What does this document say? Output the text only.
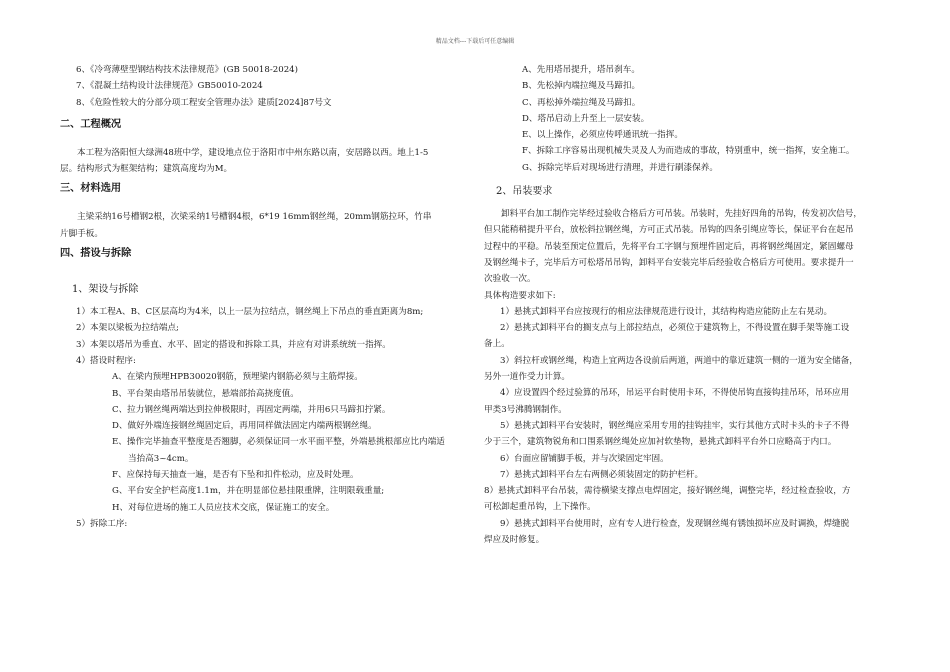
精品文档---下载后可任意编辑

6、《冷弯薄壁型钢结构技术法律规范》(GB 50018-2024)

7、《混凝土结构设计法律规范》GB50010-2024

8、《危险性较大的分部分项工程安全管理办法》建质[2024]87号文

二、工程概况

本工程为洛阳恒大绿洲48班中学，建设地点位于洛阳市中州东路以南，安居路以西。地上1-5

层。结构形式为框架结构；建筑高度均为M。

三、材料选用

主梁采纳16号槽钢2根，次梁采纳1号槽钢4根，6*19 16mm钢丝绳，20mm钢筋拉环，竹串

片脚手板。

四、搭设与拆除

1、架设与拆除

1）本工程A、B、C区层高均为4米，以上一层为拉结点，钢丝绳上下吊点的垂直距离为8m;

2）本架以梁板为拉结端点;

3）本架以塔吊为垂直、水平、固定的搭设和拆除工具，并应有对讲系统统一指挥。

4）搭设时程序:

A、在梁内预埋HPB30020钢筋，预埋梁内钢筋必须与主筋焊接。

B、平台架由塔吊吊装就位，悬端部抬高挠度值。

C、拉力钢丝绳两端达到拉伸极限时，再固定两端，并用6只马蹄扣拧紧。

D、做好外端连接钢丝绳固定后，再用同样做法固定内端两根钢丝绳。

E、操作完毕抽查平整度是否翘脚，必须保证同一水平面平整，外端悬挑根部应比内端适

当抬高3~4cm。

F、应保持每天抽查一遍，是否有下坠和扣件松动，应及时处理。

G、平台安全护栏高度1.1m，并在明显部位悬挂限重牌，注明限载重量;

H、对每位进场的施工人员应技术交底，保证施工的安全。

5）拆除工序:

A、先用塔吊提升，塔吊刹车。

B、先松掉内端拉绳及马蹄扣。

C、再松掉外端拉绳及马蹄扣。

D、塔吊启动上升至上一层安装。

E、以上操作，必须应传呼通讯统一指挥。

F、拆除工序容易出现机械失灵及人为而造成的事故，特别重申，统一指挥，安全施工。

G、拆除完毕后对现场进行清理，并进行刷漆保养。

2、吊装要求

卸料平台加工制作完毕经过验收合格后方可吊装。吊装时，先挂好四角的吊钩，传发初次信号，

但只能稍稍提升平台，放松斜拉钢丝绳，方可正式吊装。吊钩的四条引绳应等长，保证平台在起吊

过程中的平稳。吊装至预定位置后，先将平台工字钢与预埋件固定后，再将钢丝绳固定，紧固螺母

及钢丝绳卡子，完毕后方可松塔吊吊钩，卸料平台安装完毕后经验收合格后方可使用。要求提升一

次验收一次。

具体构造要求如下:

1）悬挑式卸料平台应按现行的相应法律规范进行设计，其结构构造应能防止左右晃动。

2）悬挑式卸料平台的搁支点与上部拉结点，必须位于建筑物上，不得设置在脚手架等施工设

备上。

3）斜拉杆或钢丝绳，构造上宜两边各设前后两道，两道中的靠近建筑一侧的一道为安全储备，

另外一道作受力计算。

4）应设置四个经过验算的吊环，吊运平台时使用卡环，不得使吊钩直接钩挂吊环，吊环应用

甲类3号沸腾钢制作。

5）悬挑式卸料平台安装时，钢丝绳应采用专用的挂钩挂牢，实行其他方式时卡头的卡子不得

少于三个，建筑物锐角和口围系钢丝绳处应加衬软垫物，悬挑式卸料平台外口应略高于内口。

6）台面应留铺脚手板，并与次梁固定牢固。

7）悬挑式卸料平台左右两侧必须装固定的防护栏杆。

8）悬挑式卸料平台吊装，需待横梁支撑点电焊固定，接好钢丝绳，调整完毕，经过检查验收，方

可松卸起重吊钩，上下操作。

9）悬挑式卸料平台使用时，应有专人进行检查，发现钢丝绳有锈蚀损坏应及时调换，焊缝脱

焊应及时修复。
